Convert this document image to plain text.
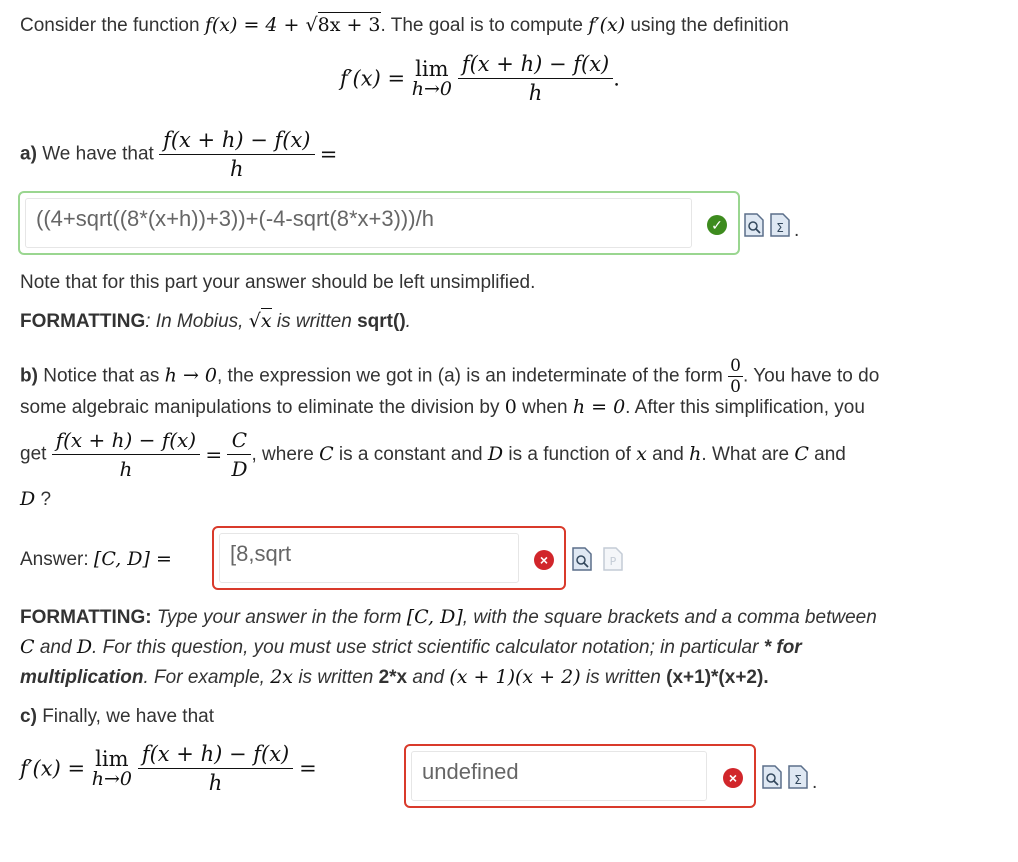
Consider the function f(x) = 4 + √8x + 3. The goal is to compute f′(x) using the definition
f′(x) = lim
h→0
$\frac{f(x + h) - f(x)}{h}$ .
a) We have that $\frac{f(x + h) - f(x)}{h}$ =
((4+sqrt((8*(x+h))+3))+(-4-sqrt(8*x+3)))/h	✓	Σ .
Note that for this part your answer should be left unsimplified.
FORMATTING: In Mobius, √x is written sqrt().
b) Notice that as h → 0, the expression we got in (a) is an indeterminate of the form $\frac{0}{0}$ . You have to do
some algebraic manipulations to eliminate the division by 0 when h = 0. After this simplification, you
get $\frac{f(x + h) - f(x)}{h} = \frac{C}{D}$ , where C is a constant and D is a function of x and h. What are C and
D ?
Answer: [C, D] =	[8,sqrt	×	P
FORMATTING: Type your answer in the form [C, D], with the square brackets and a comma between
C and D. For this question, you must use strict scientific calculator notation; in particular * for
multiplication. For example, 2x is written 2*x and (x + 1)(x + 2) is written (x+1)*(x+2).
c) Finally, we have that
f′(x) = lim
h→0
$\frac{f(x + h) - f(x)}{h}$ =	undefined	×	Σ .
